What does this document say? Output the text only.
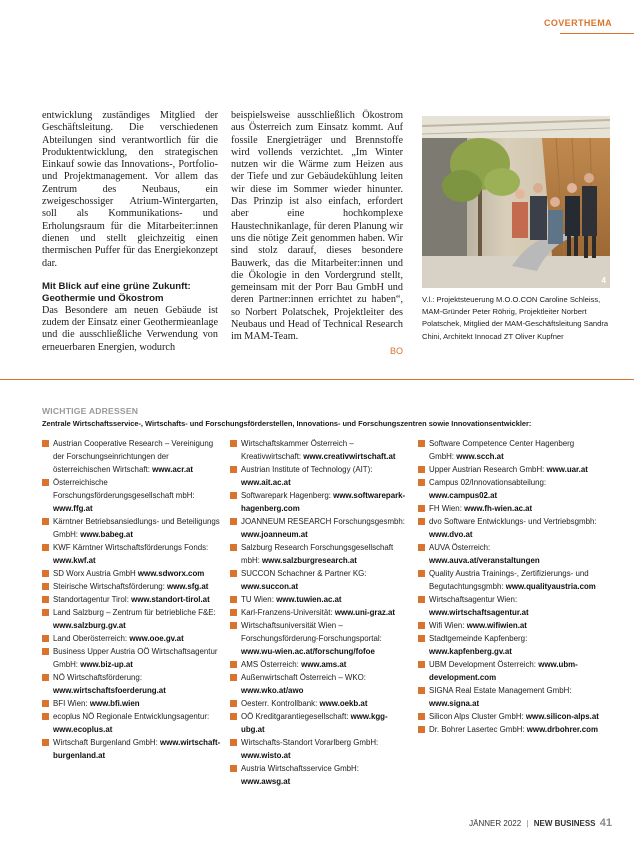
COVERTHEMA

entwicklung zuständiges Mitglied der Geschäftsleitung. Die verschiedenen Abteilungen sind verantwortlich für die Produktentwicklung, den strategischen Einkauf sowie das Innovations-, Portfolio- und Projektmanagement. Vor allem das Zentrum des Neubaus, ein zweigeschossiger Atrium-Wintergarten, soll als Kommunikations- und Erholungsraum für die Mitarbeiter:innen dienen und stellt gleichzeitig einen thermischen Puffer für das Energiekonzept dar.

Mit Blick auf eine grüne Zukunft: Geothermie und Ökostrom

Das Besondere am neuen Gebäude ist zudem der Einsatz einer Geothermieanlage und die ausschließliche Verwendung von erneuerbaren Energien, wodurch

beispielsweise ausschließlich Ökostrom aus Österreich zum Einsatz kommt. Auf fossile Energieträger und Brennstoffe wird vollends verzichtet. „Im Winter nutzen wir die Wärme zum Heizen aus der Tiefe und zur Gebäudekühlung leiten wir diese im Sommer wieder hinunter. Das Prinzip ist also einfach, erfordert aber eine hochkomplexe Haustechnikanlage, für deren Planung wir uns die nötige Zeit genommen haben. Wir sind stolz darauf, dieses besondere Bauwerk, das die Mitarbeiter:innen und die Ökologie in den Vordergrund stellt, gemeinsam mit der Porr Bau GmbH und deren Partner:innen errichtet zu haben“, so Norbert Polatschek, Projektleiter des Neubaus und Head of Technical Research im MAM-Team.

BO
4
V.l.: Projektsteuerung M.O.O.CON Caroline Schleiss, MAM-Gründer Peter Röhrig, Projektleiter Norbert Polatschek, Mitglied der MAM-Geschäftsleitung Sandra Chini, Architekt Innocad ZT Oliver Kupfner
WICHTIGE ADRESSEN
Zentrale Wirtschaftsservice-, Wirtschafts- und Forschungsförderstellen, Innovations- und Forschungszentren sowie Innovationsentwickler:
Austrian Cooperative Research – Vereinigung der Forschungseinrichtungen der österreichischen Wirtschaft: www.acr.at
Österreichische Forschungsförderungsgesellschaft mbH: www.ffg.at
Kärntner Betriebsansiedlungs- und Beteiligungs GmbH: www.babeg.at
KWF Kärntner Wirtschaftsförderungs Fonds: www.kwf.at
SD Worx Austria GmbH www.sdworx.com
Steirische Wirtschaftsförderung: www.sfg.at
Standortagentur Tirol: www.standort-tirol.at
Land Salzburg – Zentrum für betriebliche F&E: www.salzburg.gv.at
Land Oberösterreich: www.ooe.gv.at
Business Upper Austria OÖ Wirtschaftsagentur GmbH: www.biz-up.at
NÖ Wirtschaftsförderung: www.wirtschaftsfoerderung.at
BFI Wien: www.bfi.wien
ecoplus NÖ Regionale Entwicklungsagentur: www.ecoplus.at
Wirtschaft Burgenland GmbH: www.wirtschaft-burgenland.at
Wirtschaftskammer Österreich – Kreativwirtschaft: www.creativwirtschaft.at
Austrian Institute of Technology (AIT): www.ait.ac.at
Softwarepark Hagenberg: www.softwarepark-hagenberg.com
JOANNEUM RESEARCH Forschungsgesmbh: www.joanneum.at
Salzburg Research Forschungsgesellschaft mbH: www.salzburgresearch.at
SUCCON Schachner & Partner KG: www.succon.at
TU Wien: www.tuwien.ac.at
Karl-Franzens-Universität: www.uni-graz.at
Wirtschaftsuniversität Wien – Forschungsförderung-Forschungsportal: www.wu-wien.ac.at/forschung/fofoe
AMS Österreich: www.ams.at
Außenwirtschaft Österreich – WKO: www.wko.at/awo
Oesterr. Kontrollbank: www.oekb.at
OÖ Kreditgarantiegesellschaft: www.kgg-ubg.at
Wirtschafts-Standort Vorarlberg GmbH: www.wisto.at
Austria Wirtschaftsservice GmbH: www.awsg.at
Software Competence Center Hagenberg GmbH: www.scch.at
Upper Austrian Research GmbH: www.uar.at
Campus 02/Innovationsabteilung: www.campus02.at
FH Wien: www.fh-wien.ac.at
dvo Software Entwicklungs- und Vertriebsgmbh: www.dvo.at
AUVA Österreich: www.auva.at/veranstaltungen
Quality Austria Trainings-, Zertifizierungs- und Begutachtungsgmbh: www.qualityaustria.com
Wirtschaftsagentur Wien: www.wirtschaftsagentur.at
Wifi Wien: www.wifiwien.at
Stadtgemeinde Kapfenberg: www.kapfenberg.gv.at
UBM Development Österreich: www.ubm-development.com
SIGNA Real Estate Management GmbH: www.signa.at
Silicon Alps Cluster GmbH: www.silicon-alps.at
Dr. Bohrer Lasertec GmbH: www.drbohrer.com
JÄNNER 2022 | NEW BUSINESS 41
